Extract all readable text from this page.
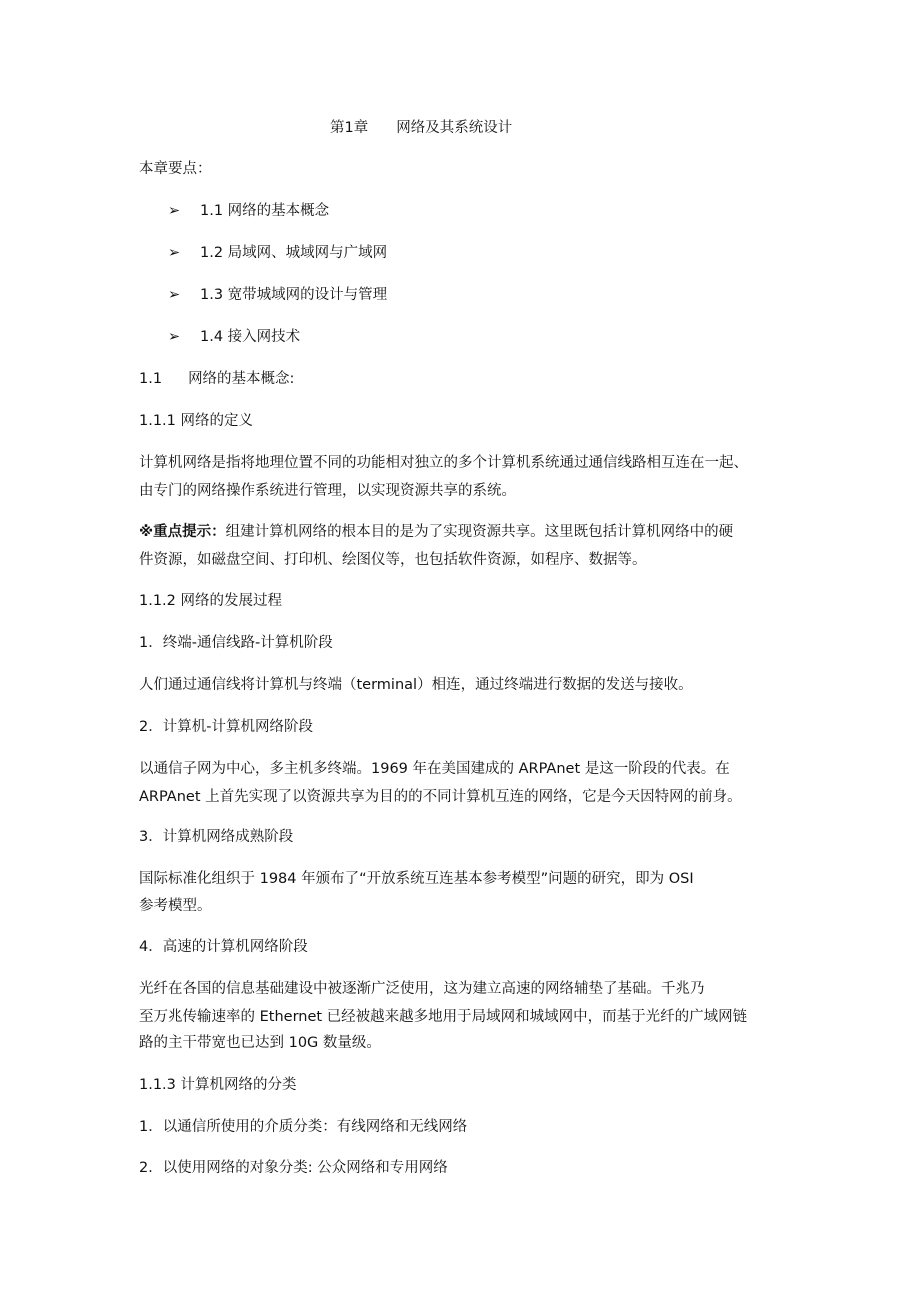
第1章 网络及其系统设计
本章要点：
➢ 1.1 网络的基本概念
➢ 1.2 局域网、城域网与广域网
➢ 1.3 宽带城域网的设计与管理
➢ 1.4 接入网技术
1.1 网络的基本概念:
1.1.1 网络的定义
计算机网络是指将地理位置不同的功能相对独立的多个计算机系统通过通信线路相互连在一起、
由专门的网络操作系统进行管理，以实现资源共享的系统。
※重点提示：组建计算机网络的根本目的是为了实现资源共享。这里既包括计算机网络中的硬
件资源，如磁盘空间、打印机、绘图仪等，也包括软件资源，如程序、数据等。
1.1.2 网络的发展过程
1．终端-通信线路-计算机阶段
人们通过通信线将计算机与终端（terminal）相连，通过终端进行数据的发送与接收。
2．计算机-计算机网络阶段
以通信子网为中心，多主机多终端。1969 年在美国建成的 ARPAnet 是这一阶段的代表。在
ARPAnet 上首先实现了以资源共享为目的的不同计算机互连的网络，它是今天因特网的前身。
3．计算机网络成熟阶段
国际标准化组织于 1984 年颁布了“开放系统互连基本参考模型”问题的研究，即为 OSI
参考模型。
4．高速的计算机网络阶段
光纤在各国的信息基础建设中被逐渐广泛使用，这为建立高速的网络辅垫了基础。千兆乃
至万兆传输速率的 Ethernet 已经被越来越多地用于局域网和城域网中，而基于光纤的广域网链
路的主干带宽也已达到 10G 数量级。
1.1.3 计算机网络的分类
1．以通信所使用的介质分类：有线网络和无线网络
2．以使用网络的对象分类: 公众网络和专用网络
